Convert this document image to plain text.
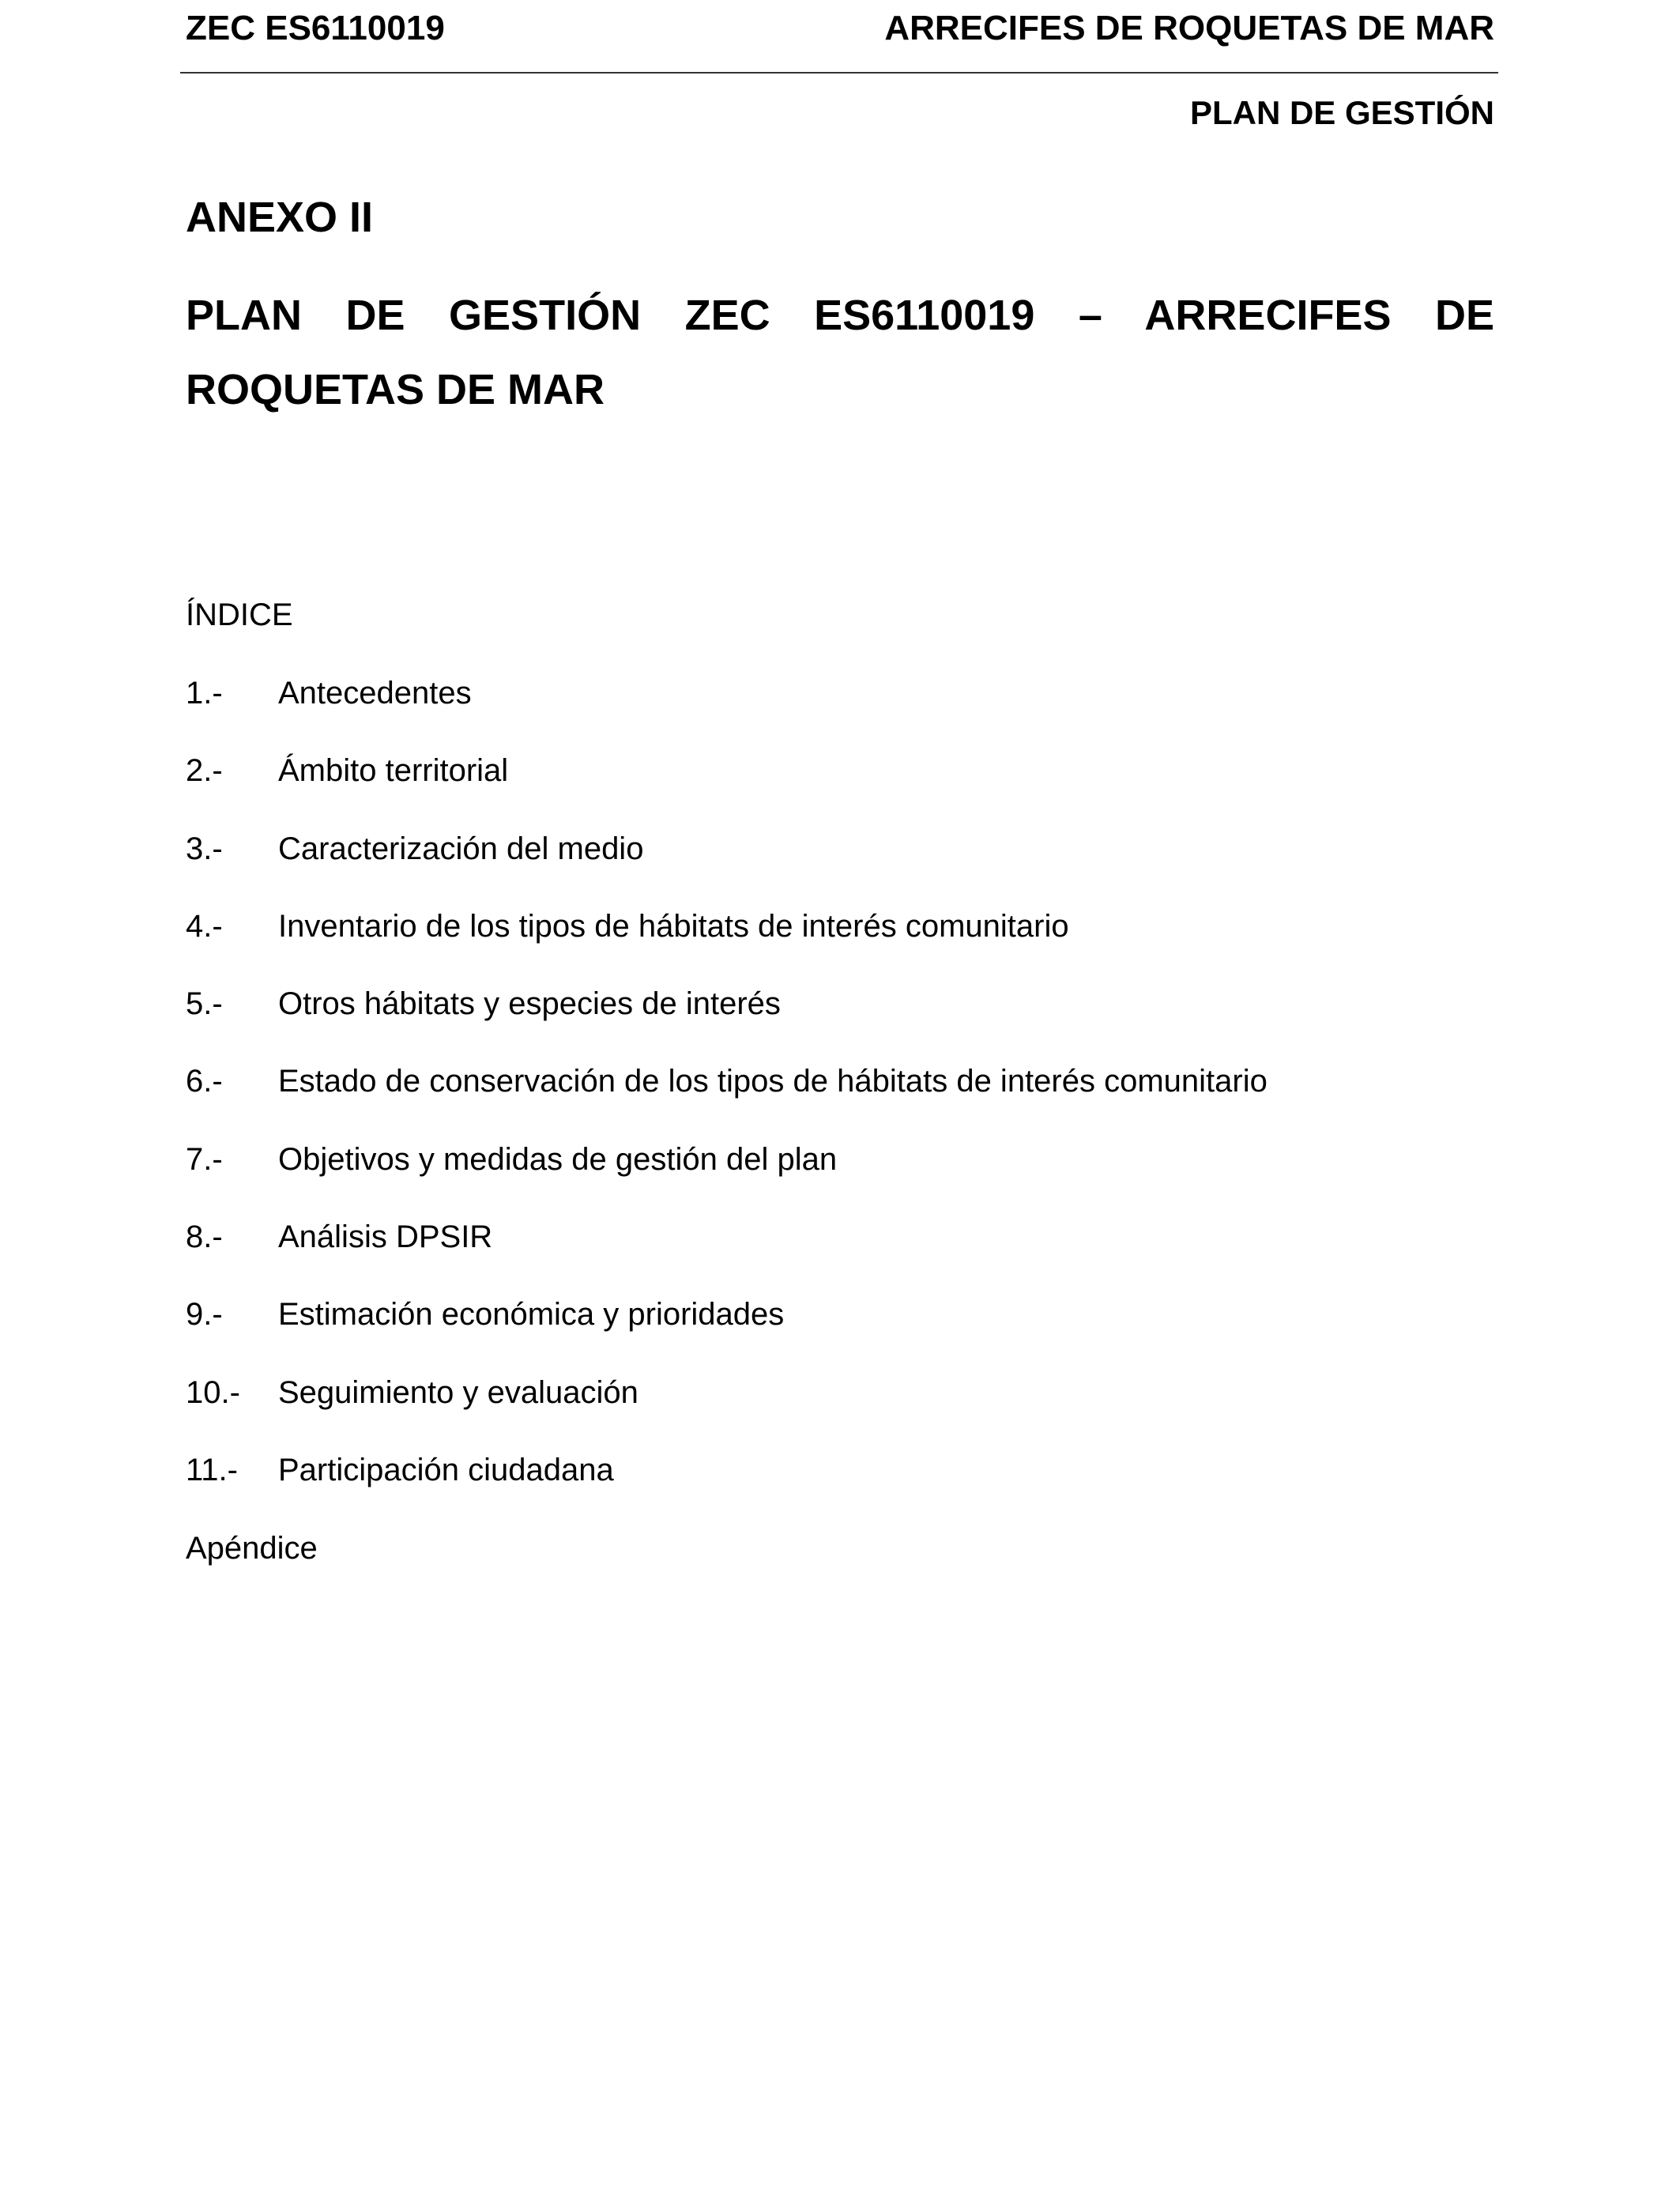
ZEC ES6110019	ARRECIFES DE ROQUETAS DE MAR
PLAN DE GESTIÓN
ANEXO II

PLAN DE GESTIÓN ZEC ES6110019 – ARRECIFES DE ROQUETAS DE MAR

ÍNDICE
1.- Antecedentes
2.- Ámbito territorial
3.- Caracterización del medio
4.- Inventario de los tipos de hábitats de interés comunitario
5.- Otros hábitats y especies de interés
6.- Estado de conservación de los tipos de hábitats de interés comunitario
7.- Objetivos y medidas de gestión del plan
8.- Análisis DPSIR
9.- Estimación económica y prioridades
10.- Seguimiento y evaluación
11.- Participación ciudadana
Apéndice
